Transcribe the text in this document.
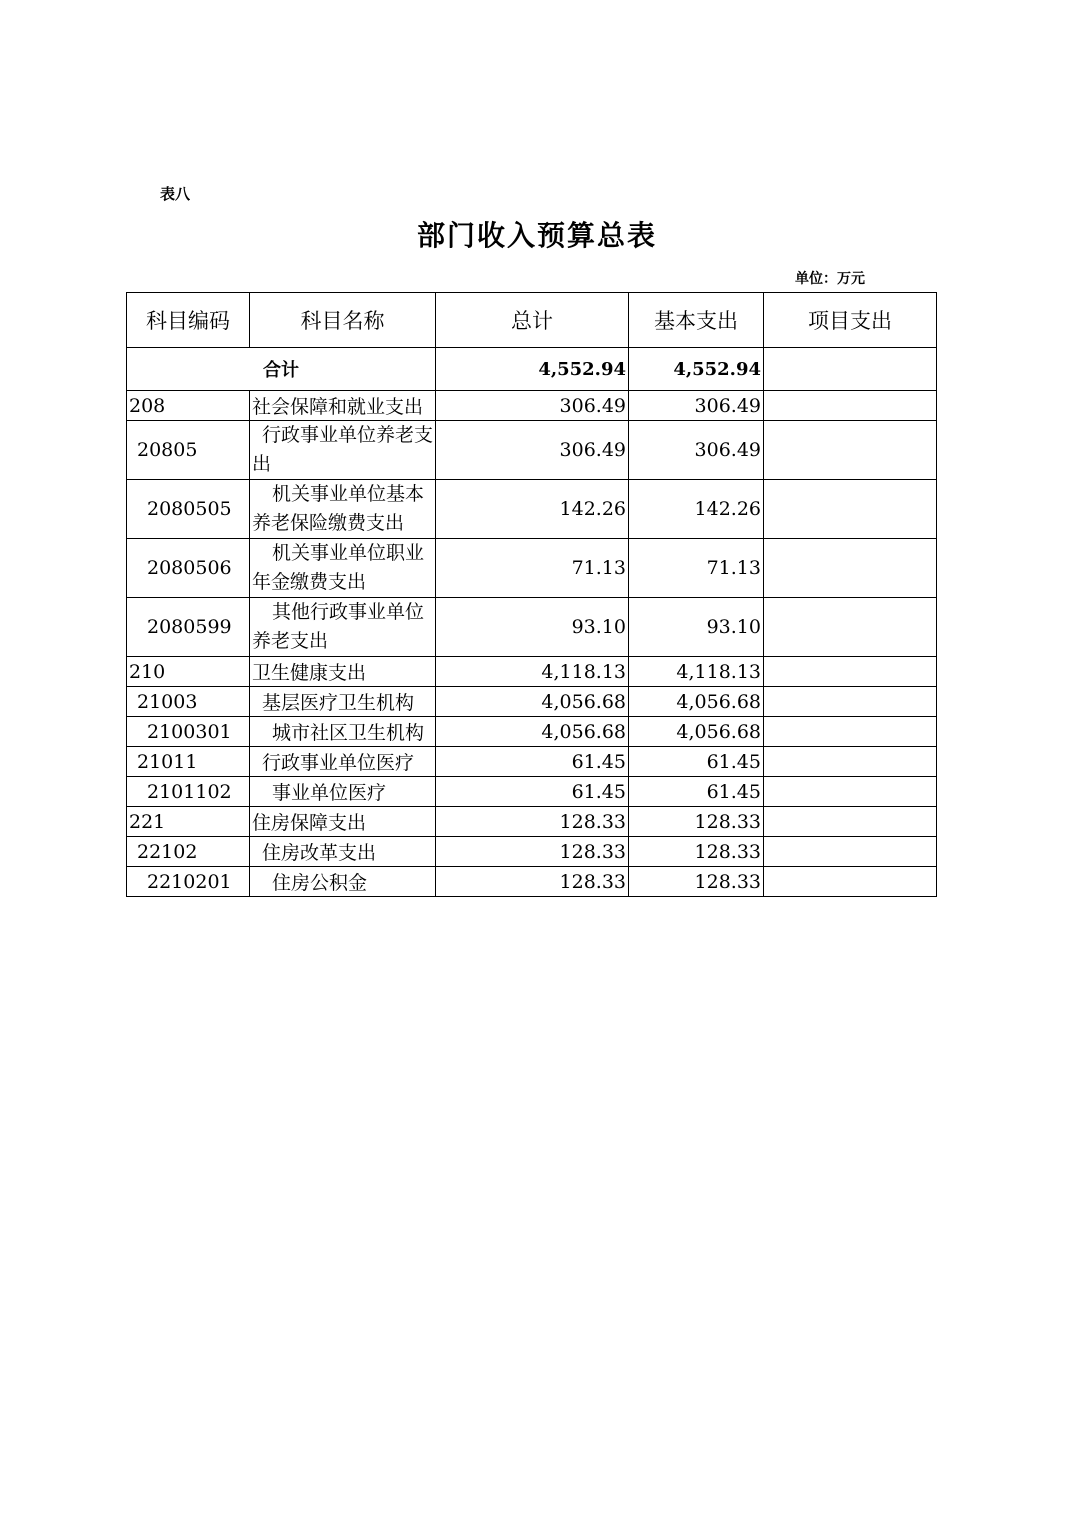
表八
部门收入预算总表
单位：万元
科目编码	科目名称	总计	基本支出	项目支出
合计		4,552.94	4,552.94	
208	社会保障和就业支出	306.49	306.49	
20805	行政事业单位养老支出	306.49	306.49	
2080505	机关事业单位基本养老保险缴费支出	142.26	142.26	
2080506	机关事业单位职业年金缴费支出	71.13	71.13	
2080599	其他行政事业单位养老支出	93.10	93.10	
210	卫生健康支出	4,118.13	4,118.13	
21003	基层医疗卫生机构	4,056.68	4,056.68	
2100301	城市社区卫生机构	4,056.68	4,056.68	
21011	行政事业单位医疗	61.45	61.45	
2101102	事业单位医疗	61.45	61.45	
221	住房保障支出	128.33	128.33	
22102	住房改革支出	128.33	128.33	
2210201	住房公积金	128.33	128.33	
